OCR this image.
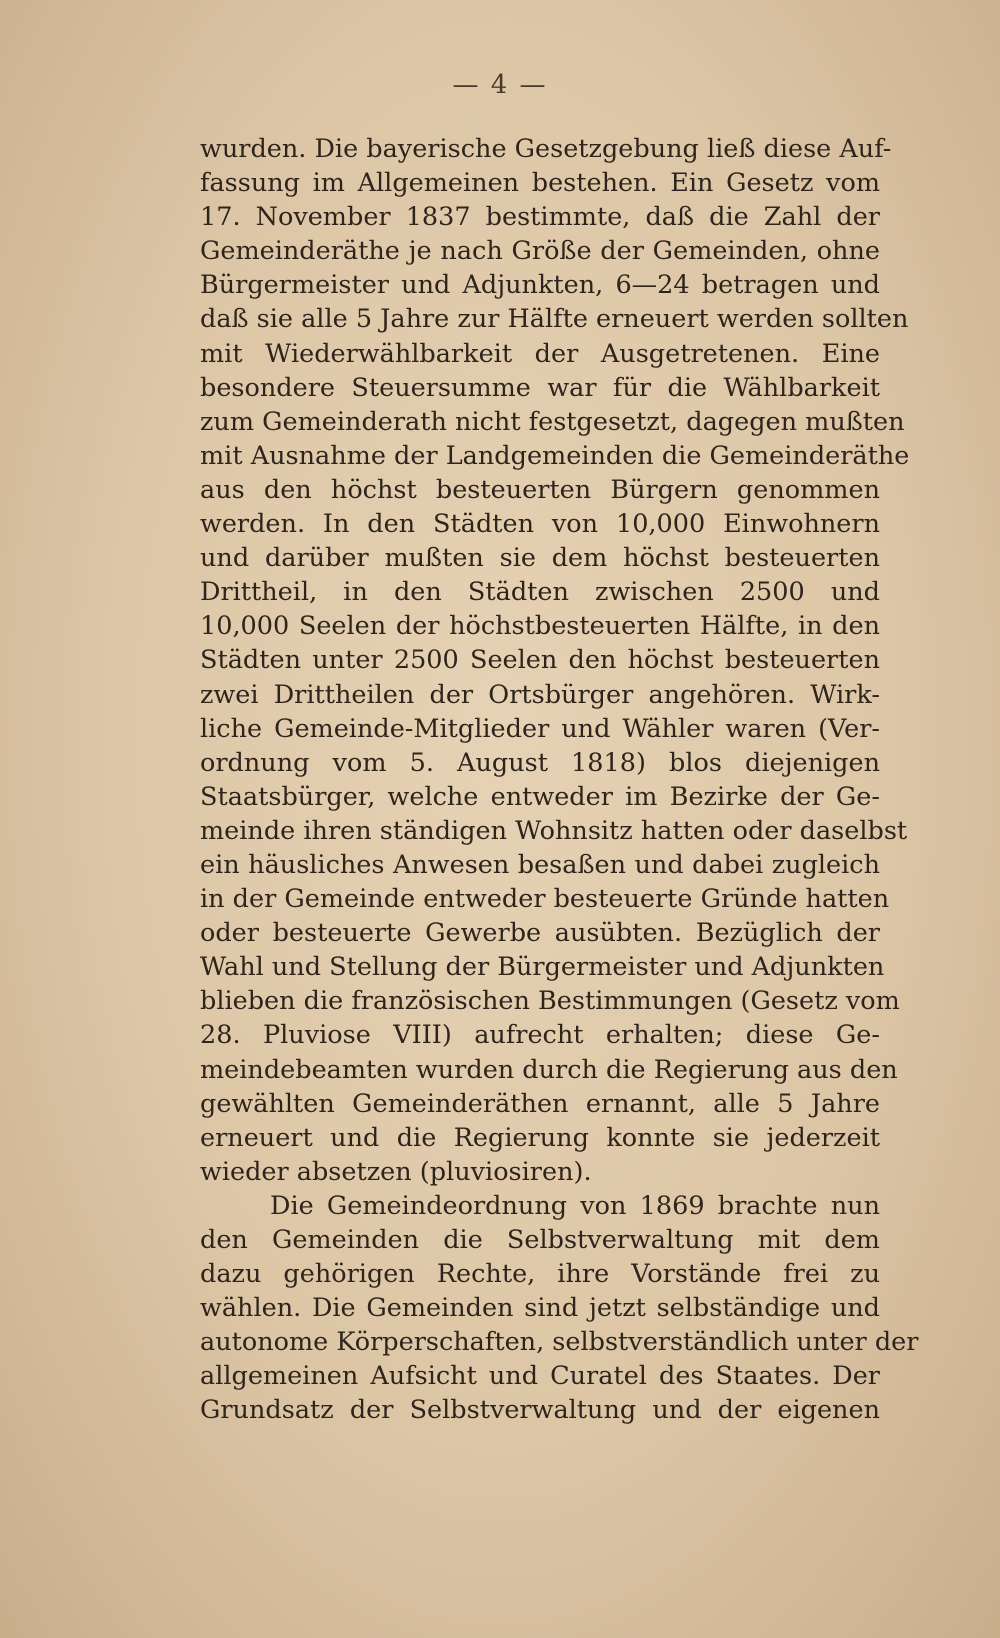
— 4 —
wurden. Die bayerische Gesetzgebung ließ diese Auf-
fassung im Allgemeinen bestehen. Ein Gesetz vom
17. November 1837 bestimmte, daß die Zahl der
Gemeinderäthe je nach Größe der Gemeinden, ohne
Bürgermeister und Adjunkten, 6—24 betragen und
daß sie alle 5 Jahre zur Hälfte erneuert werden sollten
mit Wiederwählbarkeit der Ausgetretenen. Eine
besondere Steuersumme war für die Wählbarkeit
zum Gemeinderath nicht festgesetzt, dagegen mußten
mit Ausnahme der Landgemeinden die Gemeinderäthe
aus den höchst besteuerten Bürgern genommen
werden. In den Städten von 10,000 Einwohnern
und darüber mußten sie dem höchst besteuerten
Drittheil, in den Städten zwischen 2500 und
10,000 Seelen der höchstbesteuerten Hälfte, in den
Städten unter 2500 Seelen den höchst besteuerten
zwei Drittheilen der Ortsbürger angehören. Wirk-
liche Gemeinde-Mitglieder und Wähler waren (Ver-
ordnung vom 5. August 1818) blos diejenigen
Staatsbürger, welche entweder im Bezirke der Ge-
meinde ihren ständigen Wohnsitz hatten oder daselbst
ein häusliches Anwesen besaßen und dabei zugleich
in der Gemeinde entweder besteuerte Gründe hatten
oder besteuerte Gewerbe ausübten. Bezüglich der
Wahl und Stellung der Bürgermeister und Adjunkten
blieben die französischen Bestimmungen (Gesetz vom
28. Pluviose VIII) aufrecht erhalten; diese Ge-
meindebeamten wurden durch die Regierung aus den
gewählten Gemeinderäthen ernannt, alle 5 Jahre
erneuert und die Regierung konnte sie jederzeit
wieder absetzen (pluviosiren).
Die Gemeindeordnung von 1869 brachte nun
den Gemeinden die Selbstverwaltung mit dem
dazu gehörigen Rechte, ihre Vorstände frei zu
wählen. Die Gemeinden sind jetzt selbständige und
autonome Körperschaften, selbstverständlich unter der
allgemeinen Aufsicht und Curatel des Staates. Der
Grundsatz der Selbstverwaltung und der eigenen
